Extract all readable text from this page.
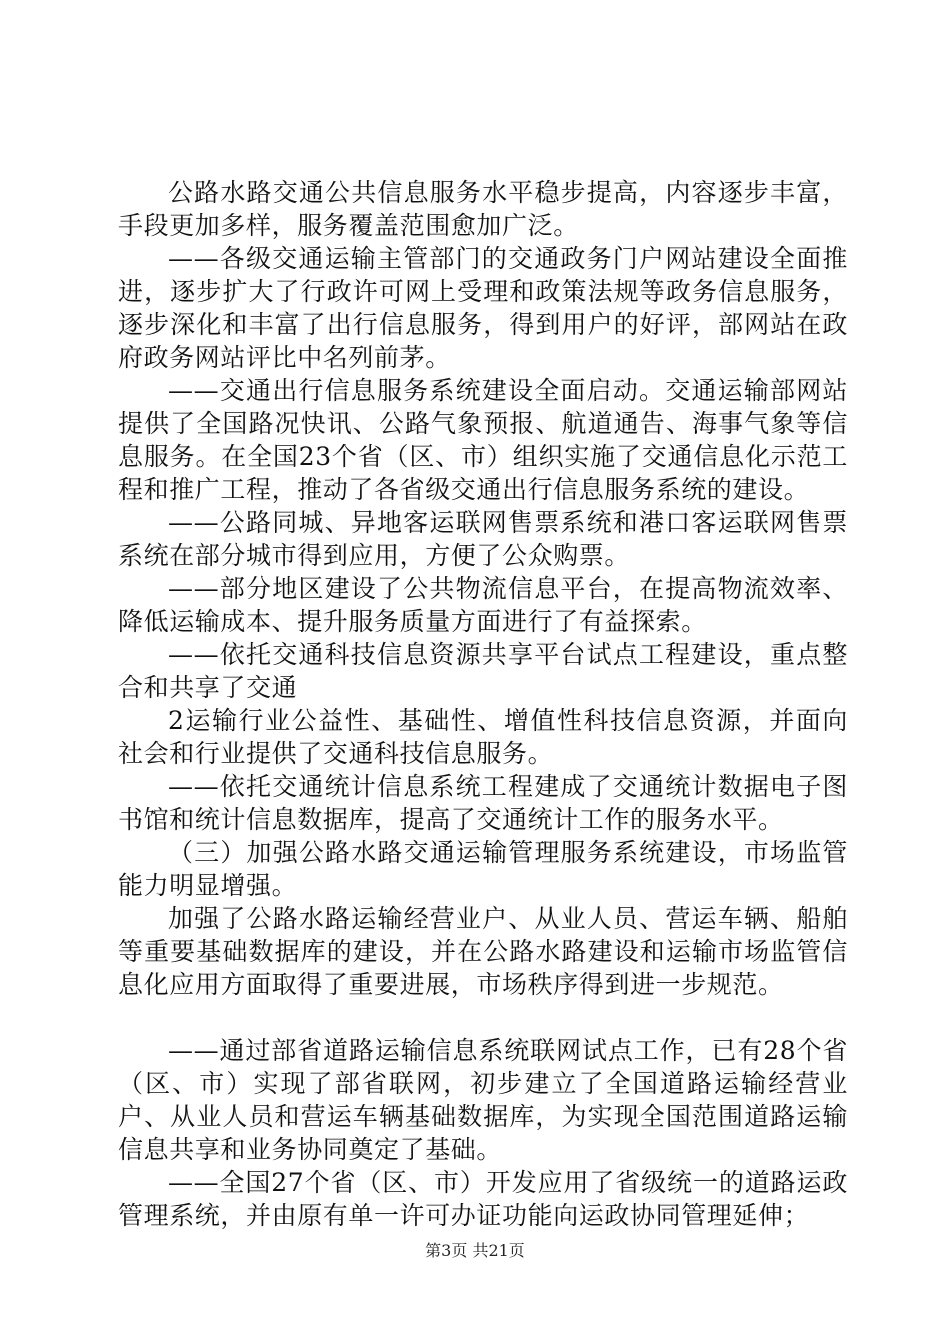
公路水路交通公共信息服务水平稳步提高，内容逐步丰富，手段更加多样，服务覆盖范围愈加广泛。

——各级交通运输主管部门的交通政务门户网站建设全面推进，逐步扩大了行政许可网上受理和政策法规等政务信息服务，逐步深化和丰富了出行信息服务，得到用户的好评，部网站在政府政务网站评比中名列前茅。

——交通出行信息服务系统建设全面启动。交通运输部网站提供了全国路况快讯、公路气象预报、航道通告、海事气象等信息服务。在全国23个省（区、市）组织实施了交通信息化示范工程和推广工程，推动了各省级交通出行信息服务系统的建设。

——公路同城、异地客运联网售票系统和港口客运联网售票系统在部分城市得到应用，方便了公众购票。

——部分地区建设了公共物流信息平台，在提高物流效率、降低运输成本、提升服务质量方面进行了有益探索。

——依托交通科技信息资源共享平台试点工程建设，重点整合和共享了交通

2运输行业公益性、基础性、增值性科技信息资源，并面向社会和行业提供了交通科技信息服务。

——依托交通统计信息系统工程建成了交通统计数据电子图书馆和统计信息数据库，提高了交通统计工作的服务水平。

（三）加强公路水路交通运输管理服务系统建设，市场监管能力明显增强。

加强了公路水路运输经营业户、从业人员、营运车辆、船舶等重要基础数据库的建设，并在公路水路建设和运输市场监管信息化应用方面取得了重要进展，市场秩序得到进一步规范。

——通过部省道路运输信息系统联网试点工作，已有28个省（区、市）实现了部省联网，初步建立了全国道路运输经营业户、从业人员和营运车辆基础数据库，为实现全国范围道路运输信息共享和业务协同奠定了基础。

——全国27个省（区、市）开发应用了省级统一的道路运政管理系统，并由原有单一许可办证功能向运政协同管理延伸；

第3页 共21页
